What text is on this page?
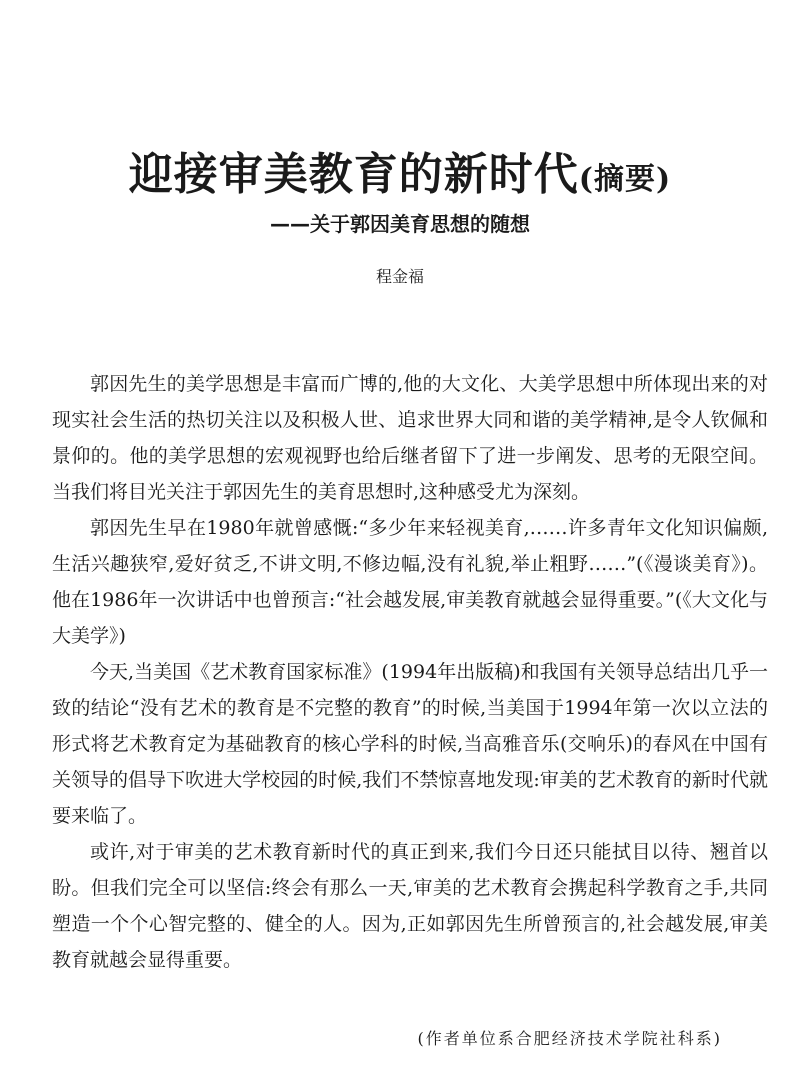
迎接审美教育的新时代(摘要)
——关于郭因美育思想的随想
程金福

郭因先生的美学思想是丰富而广博的,他的大文化、大美学思想中所体现出来的对现实社会生活的热切关注以及积极人世、追求世界大同和谐的美学精神,是令人钦佩和景仰的。他的美学思想的宏观视野也给后继者留下了进一步阐发、思考的无限空间。当我们将目光关注于郭因先生的美育思想时,这种感受尤为深刻。

郭因先生早在1980年就曾感慨:“多少年来轻视美育,……许多青年文化知识偏颇,生活兴趣狭窄,爱好贫乏,不讲文明,不修边幅,没有礼貌,举止粗野……”(《漫谈美育》)。他在1986年一次讲话中也曾预言:“社会越发展,审美教育就越会显得重要。”(《大文化与大美学》)

今天,当美国《艺术教育国家标准》(1994年出版稿)和我国有关领导总结出几乎一致的结论“没有艺术的教育是不完整的教育”的时候,当美国于1994年第一次以立法的形式将艺术教育定为基础教育的核心学科的时候,当高雅音乐(交响乐)的春风在中国有关领导的倡导下吹进大学校园的时候,我们不禁惊喜地发现:审美的艺术教育的新时代就要来临了。

或许,对于审美的艺术教育新时代的真正到来,我们今日还只能拭目以待、翘首以盼。但我们完全可以坚信:终会有那么一天,审美的艺术教育会携起科学教育之手,共同塑造一个个心智完整的、健全的人。因为,正如郭因先生所曾预言的,社会越发展,审美教育就越会显得重要。

(作者单位系合肥经济技术学院社科系)
